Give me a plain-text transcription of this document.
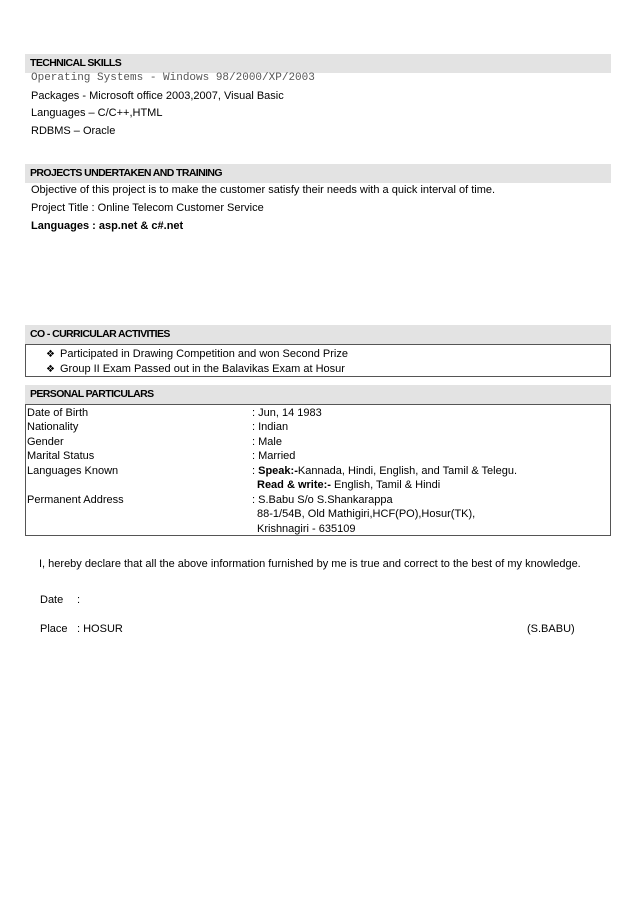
TECHNICAL SKILLS
Operating Systems - Windows 98/2000/XP/2003
Packages - Microsoft office 2003,2007, Visual Basic
Languages – C/C++,HTML
RDBMS – Oracle
PROJECTS UNDERTAKEN AND TRAINING
Objective of this project is to make the customer satisfy their needs with a quick interval of time.
Project Title : Online Telecom Customer Service
Languages : asp.net & c#.net
CO - CURRICULAR ACTIVITIES
❖ Participated in Drawing Competition and won Second Prize
❖ Group II Exam Passed out in the Balavikas Exam at Hosur
PERSONAL PARTICULARS
Date of Birth	: Jun, 14 1983
Nationality	: Indian
Gender	: Male
Marital Status	: Married
Languages Known	: Speak:-Kannada, Hindi, English, and Tamil & Telegu.
Read & write:- English, Tamil & Hindi
Permanent Address	: S.Babu S/o S.Shankarappa
88-1/54B, Old Mathigiri,HCF(PO),Hosur(TK),
Krishnagiri - 635109
I, hereby declare that all the above information furnished by me is true and correct to the best of my knowledge.
Date :
Place : HOSUR	(S.BABU)
